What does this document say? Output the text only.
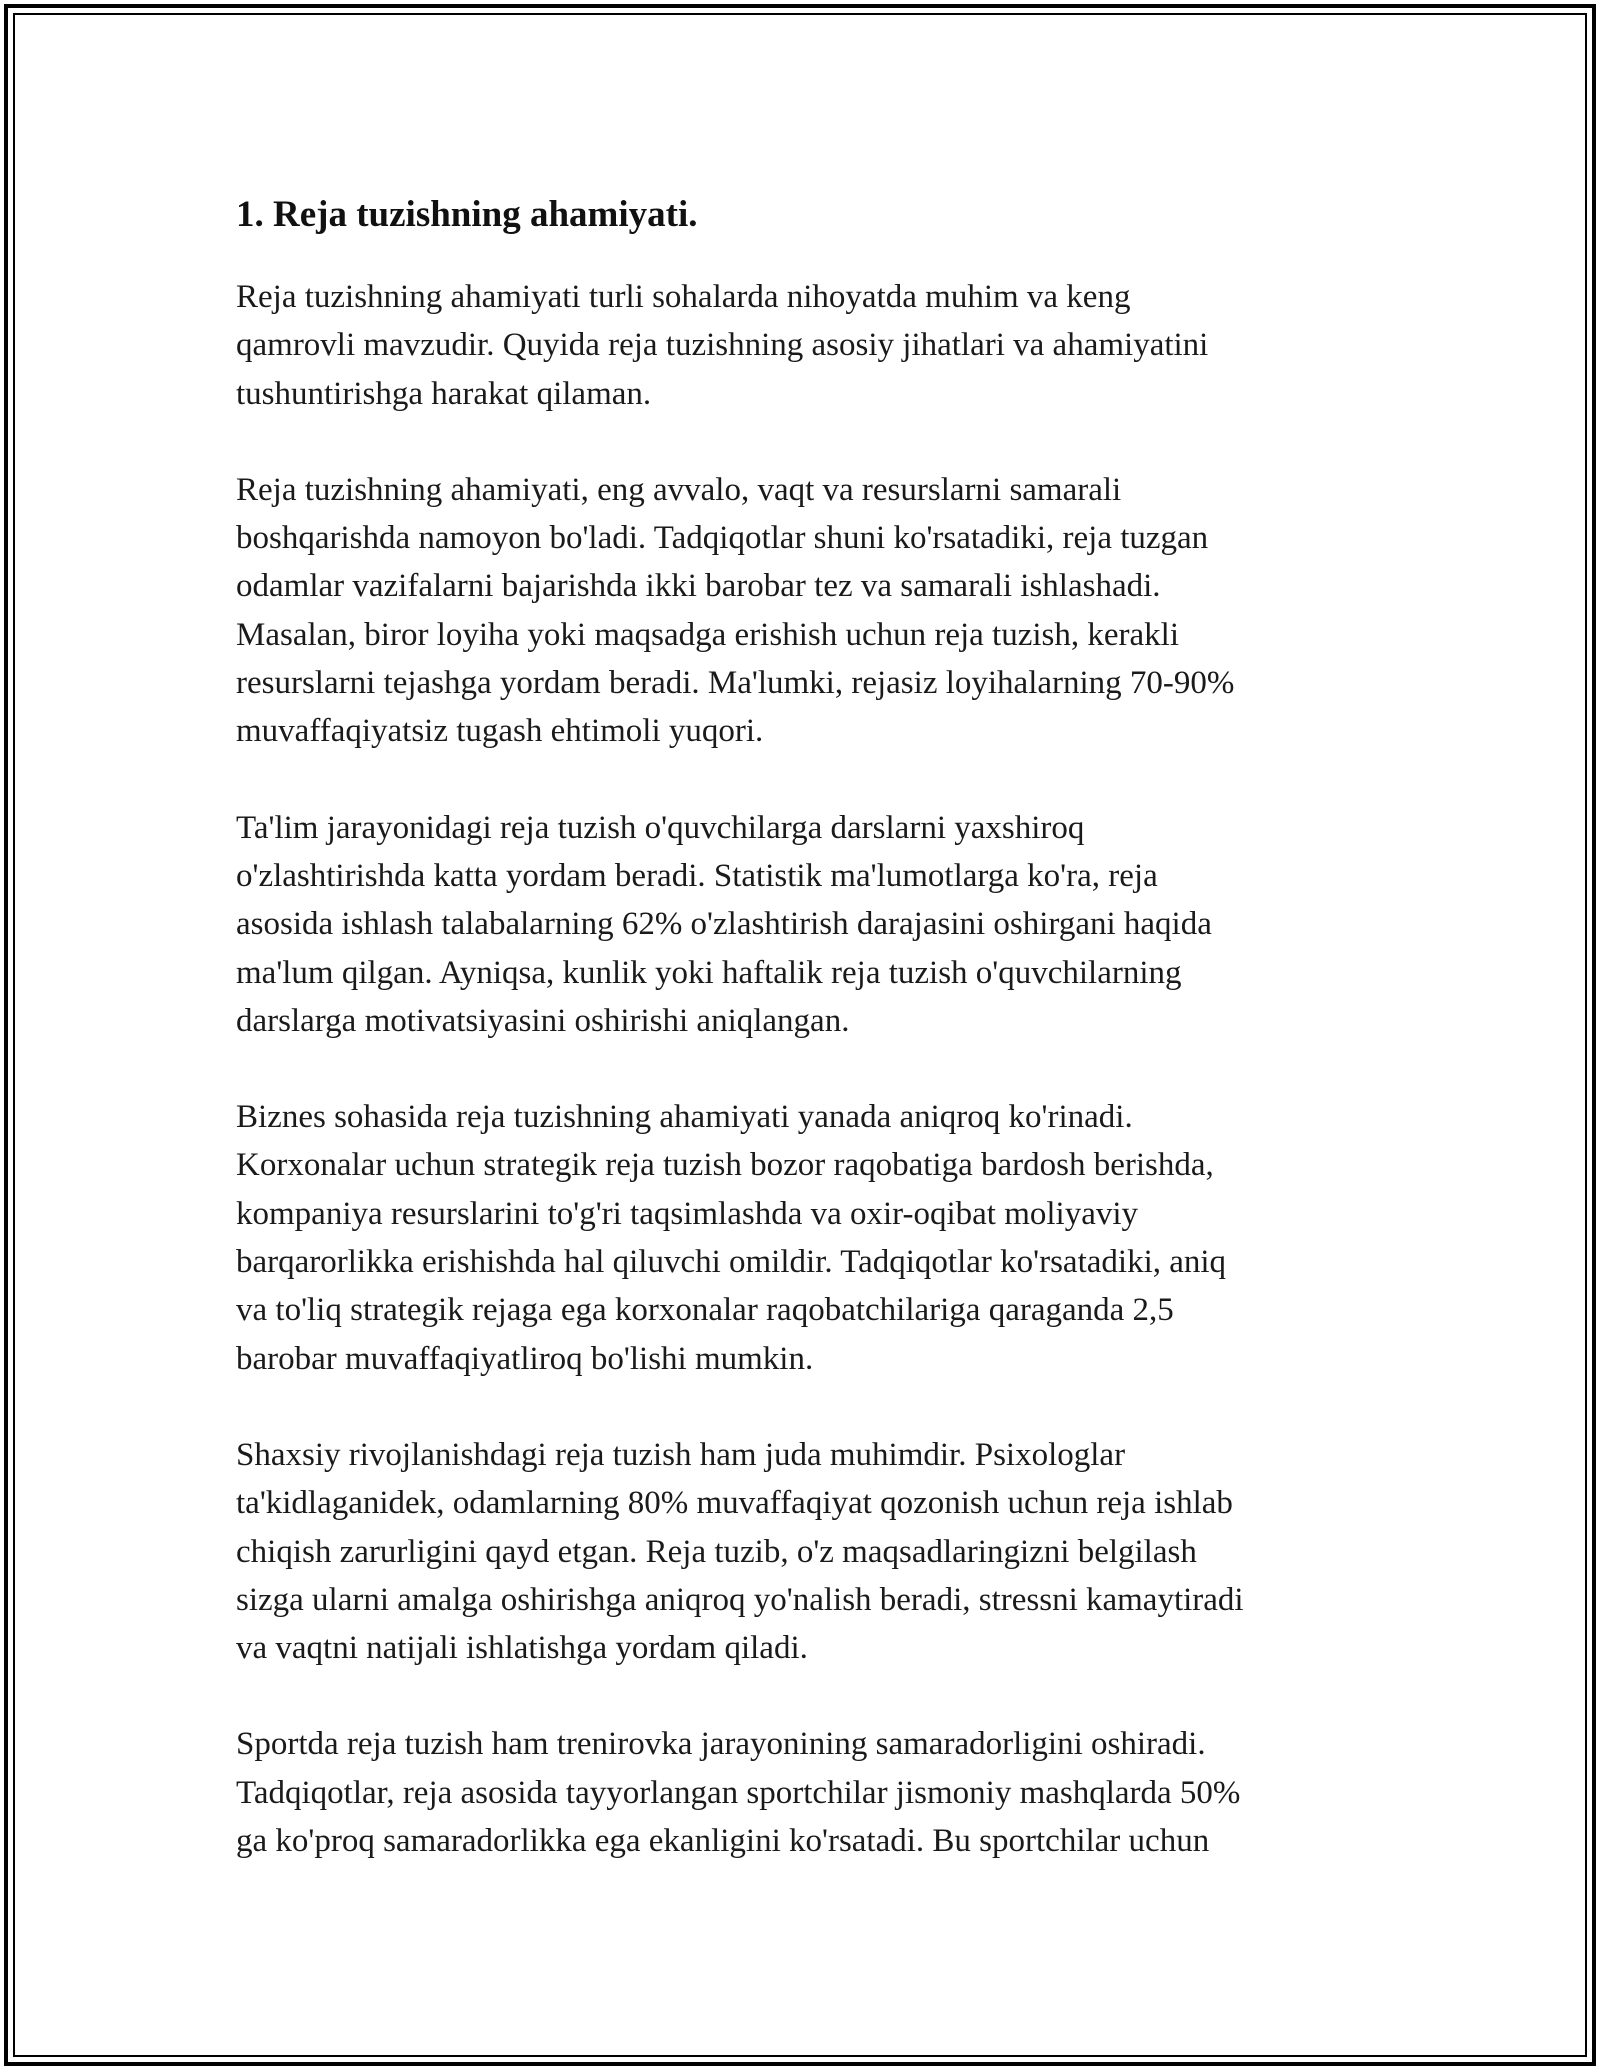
1. Reja tuzishning ahamiyati.

Reja tuzishning ahamiyati turli sohalarda nihoyatda muhim va keng
qamrovli mavzudir. Quyida reja tuzishning asosiy jihatlari va ahamiyatini
tushuntirishga harakat qilaman.

Reja tuzishning ahamiyati, eng avvalo, vaqt va resurslarni samarali
boshqarishda namoyon bo'ladi. Tadqiqotlar shuni ko'rsatadiki, reja tuzgan
odamlar vazifalarni bajarishda ikki barobar tez va samarali ishlashadi.
Masalan, biror loyiha yoki maqsadga erishish uchun reja tuzish, kerakli
resurslarni tejashga yordam beradi. Ma'lumki, rejasiz loyihalarning 70-90%
muvaffaqiyatsiz tugash ehtimoli yuqori.

Ta'lim jarayonidagi reja tuzish o'quvchilarga darslarni yaxshiroq
o'zlashtirishda katta yordam beradi. Statistik ma'lumotlarga ko'ra, reja
asosida ishlash talabalarning 62% o'zlashtirish darajasini oshirgani haqida
ma'lum qilgan. Ayniqsa, kunlik yoki haftalik reja tuzish o'quvchilarning
darslarga motivatsiyasini oshirishi aniqlangan.

Biznes sohasida reja tuzishning ahamiyati yanada aniqroq ko'rinadi.
Korxonalar uchun strategik reja tuzish bozor raqobatiga bardosh berishda,
kompaniya resurslarini to'g'ri taqsimlashda va oxir-oqibat moliyaviy
barqarorlikka erishishda hal qiluvchi omildir. Tadqiqotlar ko'rsatadiki, aniq
va to'liq strategik rejaga ega korxonalar raqobatchilariga qaraganda 2,5
barobar muvaffaqiyatliroq bo'lishi mumkin.

Shaxsiy rivojlanishdagi reja tuzish ham juda muhimdir. Psixologlar
ta'kidlaganidek, odamlarning 80% muvaffaqiyat qozonish uchun reja ishlab
chiqish zarurligini qayd etgan. Reja tuzib, o'z maqsadlaringizni belgilash
sizga ularni amalga oshirishga aniqroq yo'nalish beradi, stressni kamaytiradi
va vaqtni natijali ishlatishga yordam qiladi.

Sportda reja tuzish ham trenirovka jarayonining samaradorligini oshiradi.
Tadqiqotlar, reja asosida tayyorlangan sportchilar jismoniy mashqlarda 50%
ga ko'proq samaradorlikka ega ekanligini ko'rsatadi. Bu sportchilar uchun
